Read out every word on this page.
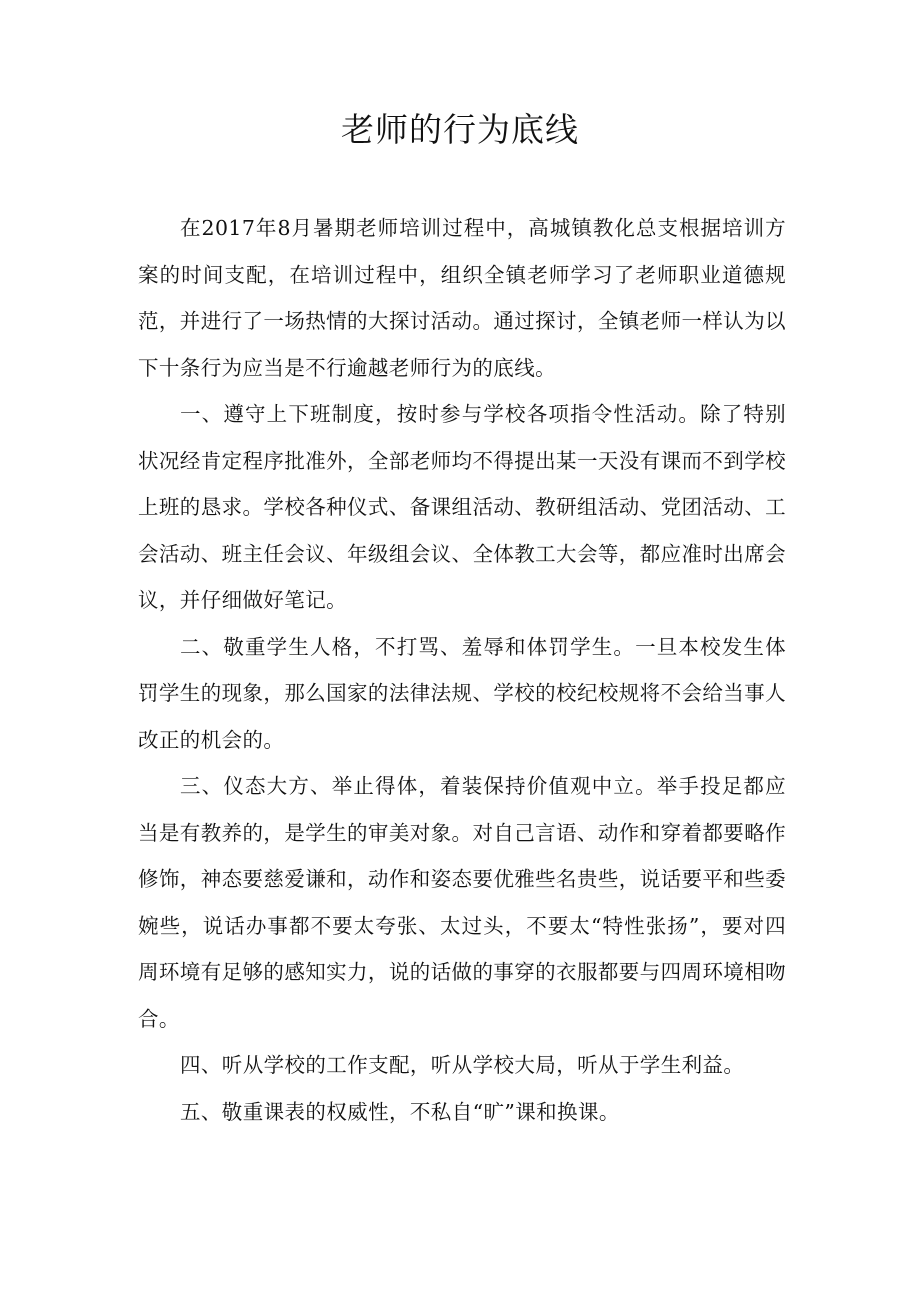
老师的行为底线

在2017年8月暑期老师培训过程中，高城镇教化总支根据培训方案的时间支配，在培训过程中，组织全镇老师学习了老师职业道德规范，并进行了一场热情的大探讨活动。通过探讨，全镇老师一样认为以下十条行为应当是不行逾越老师行为的底线。

一、遵守上下班制度，按时参与学校各项指令性活动。除了特别状况经肯定程序批准外，全部老师均不得提出某一天没有课而不到学校上班的恳求。学校各种仪式、备课组活动、教研组活动、党团活动、工会活动、班主任会议、年级组会议、全体教工大会等，都应准时出席会议，并仔细做好笔记。

二、敬重学生人格，不打骂、羞辱和体罚学生。一旦本校发生体罚学生的现象，那么国家的法律法规、学校的校纪校规将不会给当事人改正的机会的。

三、仪态大方、举止得体，着装保持价值观中立。举手投足都应当是有教养的，是学生的审美对象。对自己言语、动作和穿着都要略作修饰，神态要慈爱谦和，动作和姿态要优雅些名贵些，说话要平和些委婉些，说话办事都不要太夸张、太过头，不要太“特性张扬”，要对四周环境有足够的感知实力，说的话做的事穿的衣服都要与四周环境相吻合。

四、听从学校的工作支配，听从学校大局，听从于学生利益。

五、敬重课表的权威性，不私自“旷”课和换课。
